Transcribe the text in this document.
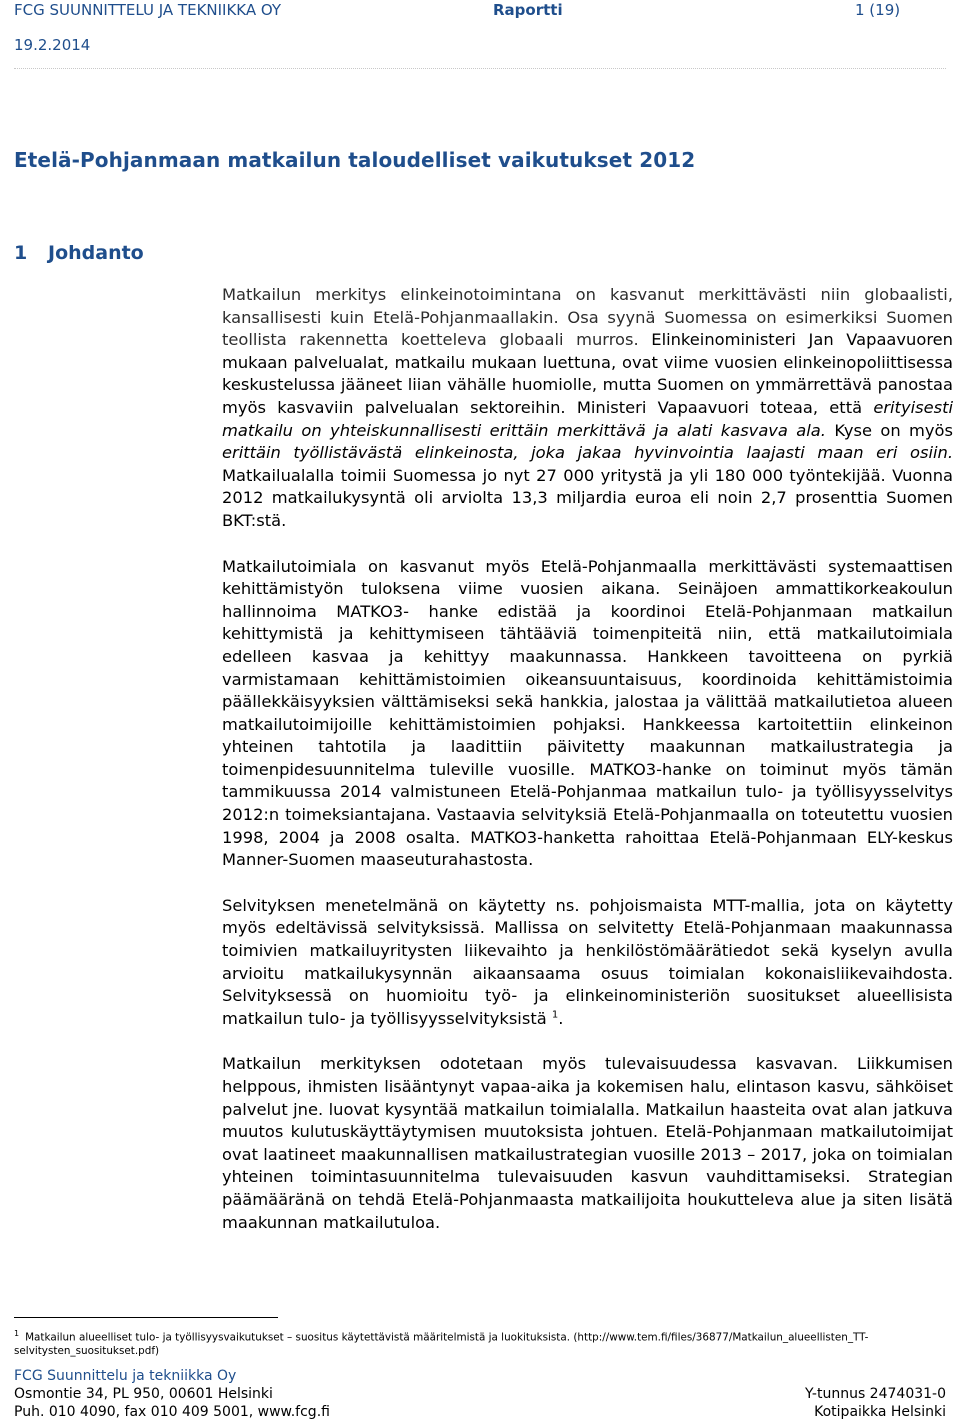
FCG SUUNNITTELU JA TEKNIIKKA OY	Raportti	1 (19)
19.2.2014
Etelä-Pohjanmaan matkailun taloudelliset vaikutukset 2012
1 Johdanto

Matkailun merkitys elinkeinotoimintana on kasvanut merkittävästi niin globaalisti, kansallisesti kuin Etelä-Pohjanmaallakin. Osa syynä Suomessa on esimerkiksi Suomen teollista rakennetta koetteleva globaali murros. Elinkeinoministeri Jan Vapaavuoren mukaan palvelualat, matkailu mukaan luettuna, ovat viime vuosien elinkeinopoliittisessa keskustelussa jääneet liian vähälle huomiolle, mutta Suomen on ymmärrettävä panostaa myös kasvaviin palvelualan sektoreihin. Ministeri Vapaavuori toteaa, että erityisesti matkailu on yhteiskunnallisesti erittäin merkittävä ja alati kasvava ala. Kyse on myös erittäin työllistävästä elinkeinosta, joka jakaa hyvinvointia laajasti maan eri osiin. Matkailualalla toimii Suomessa jo nyt 27 000 yritystä ja yli 180 000 työntekijää. Vuonna 2012 matkailukysyntä oli arviolta 13,3 miljardia euroa eli noin 2,7 prosenttia Suomen BKT:stä.

Matkailutoimiala on kasvanut myös Etelä-Pohjanmaalla merkittävästi systemaattisen kehittämistyön tuloksena viime vuosien aikana. Seinäjoen ammattikorkeakoulun hallinnoima MATKO3- hanke edistää ja koordinoi Etelä-Pohjanmaan matkailun kehittymistä ja kehittymiseen tähtääviä toimenpiteitä niin, että matkailutoimiala edelleen kasvaa ja kehittyy maakunnassa. Hankkeen tavoitteena on pyrkiä varmistamaan kehittämistoimien oikeansuuntaisuus, koordinoida kehittämistoimia päällekkäisyyksien välttämiseksi sekä hankkia, jalostaa ja välittää matkailutietoa alueen matkailutoimijoille kehittämistoimien pohjaksi. Hankkeessa kartoitettiin elinkeinon yhteinen tahtotila ja laadittiin päivitetty maakunnan matkailustrategia ja toimenpidesuunnitelma tuleville vuosille. MATKO3-hanke on toiminut myös tämän tammikuussa 2014 valmistuneen Etelä-Pohjanmaa matkailun tulo- ja työllisyysselvitys 2012:n toimeksiantajana. Vastaavia selvityksiä Etelä-Pohjanmaalla on toteutettu vuosien 1998, 2004 ja 2008 osalta. MATKO3-hanketta rahoittaa Etelä-Pohjanmaan ELY-keskus Manner-Suomen maaseuturahastosta.

Selvityksen menetelmänä on käytetty ns. pohjoismaista MTT-mallia, jota on käytetty myös edeltävissä selvityksissä. Mallissa on selvitetty Etelä-Pohjanmaan maakunnassa toimivien matkailuyritysten liikevaihto ja henkilöstömäärätiedot sekä kyselyn avulla arvioitu matkailukysynnän aikaansaama osuus toimialan kokonaisliikevaihdosta. Selvityksessä on huomioitu työ- ja elinkeinoministeriön suositukset alueellisista matkailun tulo- ja työllisyysselvityksistä $^1$.

Matkailun merkityksen odotetaan myös tulevaisuudessa kasvavan. Liikkumisen helppous, ihmisten lisääntynyt vapaa-aika ja kokemisen halu, elintason kasvu, sähköiset palvelut jne. luovat kysyntää matkailun toimialalla. Matkailun haasteita ovat alan jatkuva muutos kulutuskäyttäytymisen muutoksista johtuen. Etelä-Pohjanmaan matkailutoimijat ovat laatineet maakunnallisen matkailustrategian vuosille 2013 – 2017, joka on toimialan yhteinen toimintasuunnitelma tulevaisuuden kasvun vauhdittamiseksi. Strategian päämääränä on tehdä Etelä-Pohjanmaasta matkailijoita houkutteleva alue ja siten lisätä maakunnan matkailutuloa.

$^1$ Matkailun alueelliset tulo- ja työllisyysvaikutukset – suositus käytettävistä määritelmistä ja luokituksista. (http://www.tem.fi/files/36877/Matkailun_alueellisten_TT-selvitysten_suositukset.pdf)
FCG Suunnittelu ja tekniikka Oy
Osmontie 34, PL 950, 00601 Helsinki	Y-tunnus 2474031-0
Puh. 010 4090, fax 010 409 5001, www.fcg.fi	Kotipaikka Helsinki
